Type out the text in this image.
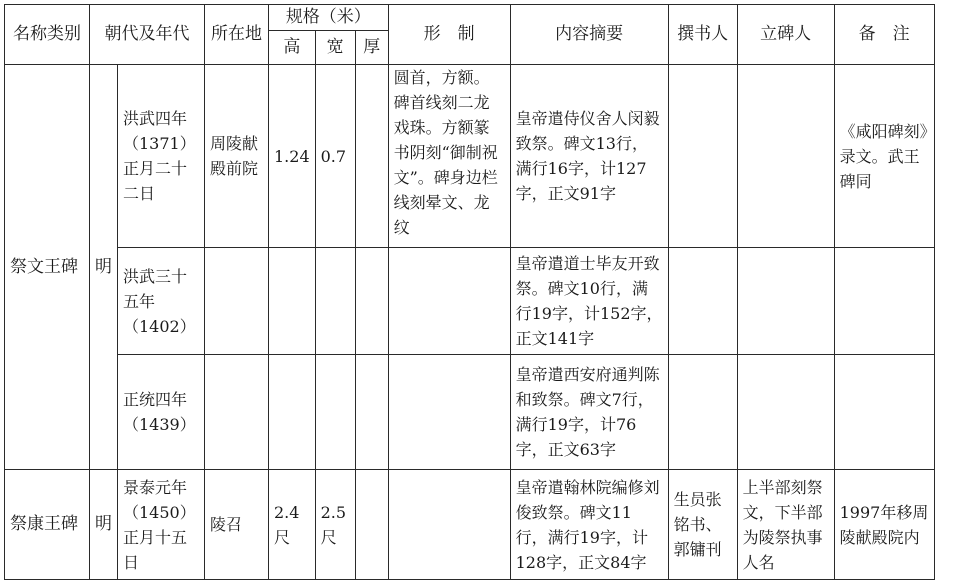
名称类别	朝代及年代		所在地	规格（米）			形　制	内容摘要	撰书人	立碑人	备　注
				高	宽	厚					
祭文王碑	明	洪武四年（1371）正月二十二日	周陵献殿前院	1.24	0.7		圆首，方额。碑首线刻二龙戏珠。方额篆书阴刻“御制祝文”。碑身边栏线刻晕文、龙纹	皇帝遣侍仪舍人闵毅致祭。碑文13行，满行16字，计127字，正文91字			《咸阳碑刻》录文。武王碑同
		洪武三十五年（1402）						皇帝遣道士毕友开致祭。碑文10行，满行19字，计152字，正文141字			
		正统四年（1439）						皇帝遣西安府通判陈和致祭。碑文7行，满行19字，计76字，正文63字			
祭康王碑	明	景泰元年（1450）正月十五日	陵召	2.4尺	2.5尺			皇帝遣翰林院编修刘俊致祭。碑文11行，满行19字，计128字，正文84字	生员张铭书、郭镛刊	上半部刻祭文，下半部为陵祭执事人名	1997年移周陵献殿院内
